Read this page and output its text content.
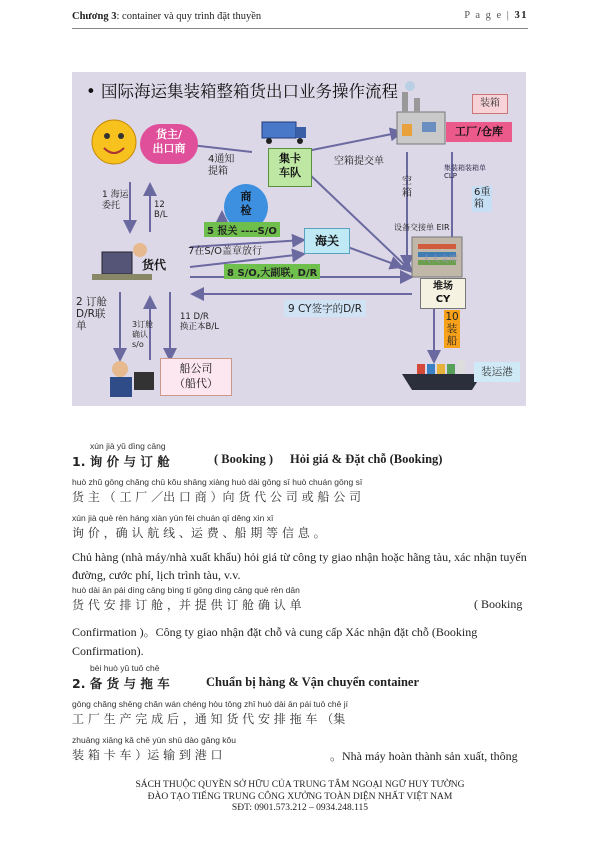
Chương 3: container và quy trình đặt thuyền	P a g e | 31
• 国际海运集装箱整箱货出口业务操作流程
货主/
出口商
集卡
车队
商
检
海关
货代
工厂/仓库
装箱
堆场
CY
船公司
（船代）
装运港
1 海运
委托	12
B/L
4通知
提箱
空箱提交单
空
箱
集装箱装箱单
CLP
6重
箱
5 报关 ----S/O	设备交接单 EIR
7在S/O盖章放行
8 S/O,大副联, D/R
9 CY签字的D/R
2 订舱
D/R联
单	3订舱
确认
s/o
11 D/R
换正本B/L
10
装
船
人人文库
xún jià yǔ dìng cāng
1. 询 价 与 订 舱	( Booking ) Hỏi giá & Đặt chỗ (Booking)
huò zhǔ gōng chǎng chū kǒu shāng xiàng huò dài gōng sī huò chuán gōng sī
货 主 （ 工 厂 ／出 口 商 ）向 货 代 公 司 或 船 公 司
xún jià què rèn háng xiàn yùn fèi chuán qī děng xìn xī
询 价 ，确 认 航 线 、运 费 、船 期 等 信 息 。
Chủ hàng (nhà máy/nhà xuất khẩu) hỏi giá từ công ty giao nhận hoặc hãng tàu, xác nhận tuyến đường, cước phí, lịch trình tàu, v.v.
huò dài ān pái dìng cāng bìng tí gōng dìng cāng què rèn dān
货 代 安 排 订 舱 ，并 提 供 订 舱 确 认 单	( Booking
Confirmation )。Công ty giao nhận đặt chỗ và cung cấp Xác nhận đặt chỗ (Booking Confirmation).
bèi huò yǔ tuō chē
2. 备 货 与 拖 车	Chuẩn bị hàng & Vận chuyển container
gōng chǎng shēng chǎn wán chéng hòu tōng zhī huò dài ān pái tuō chē jí
工 厂 生 产 完 成 后 ，通 知 货 代 安 排 拖 车 （集
zhuāng xiāng kǎ chē yùn shū dào gǎng kǒu
装 箱 卡 车 ）运 输 到 港 口	。Nhà máy hoàn thành sản xuất, thông
SÁCH THUỘC QUYỀN SỞ HỮU CỦA TRUNG TÂM NGOẠI NGỮ HUY TƯỜNG
ĐÀO TẠO TIẾNG TRUNG CÔNG XƯỞNG TOÀN DIỆN NHẤT VIỆT NAM
SĐT: 0901.573.212 – 0934.248.115
